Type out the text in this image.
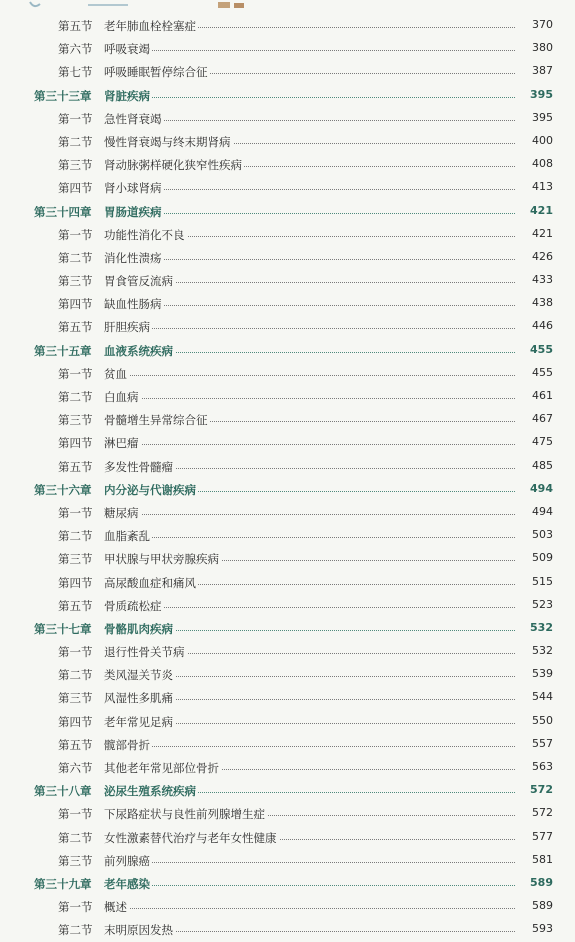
第五节 老年肺血栓栓塞症	370
第六节 呼吸衰竭	380
第七节 呼吸睡眠暂停综合征	387
第三十三章 肾脏疾病	395
第一节 急性肾衰竭	395
第二节 慢性肾衰竭与终末期肾病	400
第三节 肾动脉粥样硬化狭窄性疾病	408
第四节 肾小球肾病	413
第三十四章 胃肠道疾病	421
第一节 功能性消化不良	421
第二节 消化性溃疡	426
第三节 胃食管反流病	433
第四节 缺血性肠病	438
第五节 肝胆疾病	446
第三十五章 血液系统疾病	455
第一节 贫血	455
第二节 白血病	461
第三节 骨髓增生异常综合征	467
第四节 淋巴瘤	475
第五节 多发性骨髓瘤	485
第三十六章 内分泌与代谢疾病	494
第一节 糖尿病	494
第二节 血脂紊乱	503
第三节 甲状腺与甲状旁腺疾病	509
第四节 高尿酸血症和痛风	515
第五节 骨质疏松症	523
第三十七章 骨骼肌肉疾病	532
第一节 退行性骨关节病	532
第二节 类风湿关节炎	539
第三节 风湿性多肌痛	544
第四节 老年常见足病	550
第五节 髋部骨折	557
第六节 其他老年常见部位骨折	563
第三十八章 泌尿生殖系统疾病	572
第一节 下尿路症状与良性前列腺增生症	572
第二节 女性激素替代治疗与老年女性健康	577
第三节 前列腺癌	581
第三十九章 老年感染	589
第一节 概述	589
第二节 末明原因发热	593
